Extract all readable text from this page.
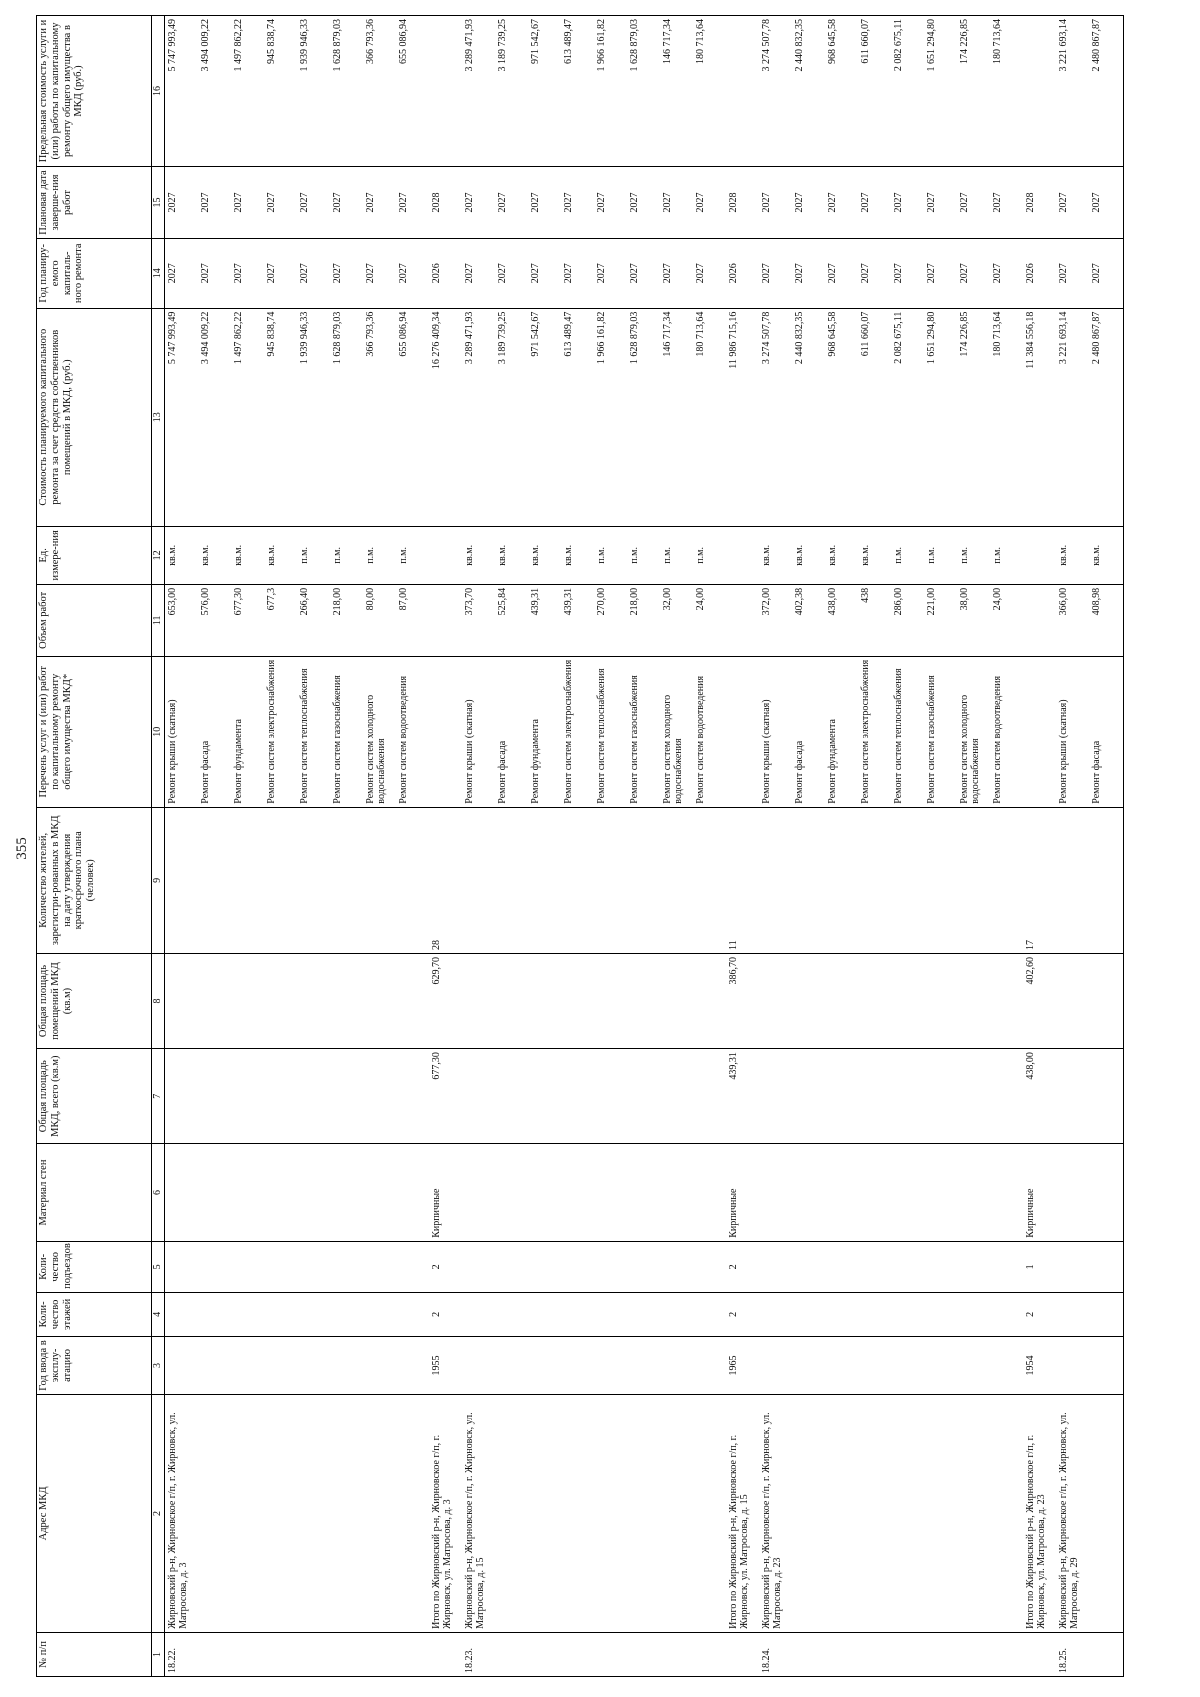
355
№ п/п	Адрес МКД	Год ввода в эксплу-атацию	Коли-чество этажей	Коли-чество подъездов	Материал стен	Общая площадь МКД, всего (кв.м)	Общая площадь помещений МКД (кв.м)	Количество жителей, зарегистри-рованных в МКД на дату утверждения краткосрочного плана (человек)	Перечень услуг и (или) работ по капитальному ремонту общего имущества МКД*	Объем работ	Ед. измере-ния	Стоимость планируемого капитального ремонта за счет средств собственников помещений в МКД, (руб.)	Год планиру-емого капиталь-ного ремонта	Плановая дата заверше-ния работ	Предельная стоимость услуги и (или) работы по капитальному ремонту общего имущества в МКД (руб.)
1	2	3	4	5	6	7	8	9	10	11	12	13	14	15	16
18.22.	Жирновский р-н, Жирновское г/п, г. Жирновск, ул. Матросова, д. 3								Ремонт крыши (скатная)	653,00	кв.м.	5 747 993,49	2027	2027	5 747 993,49
									Ремонт фасада	576,00	кв.м.	3 494 009,22	2027	2027	3 494 009,22
									Ремонт фундамента	677,30	кв.м.	1 497 862,22	2027	2027	1 497 862,22
									Ремонт систем электроснабжения	677,3	кв.м.	945 838,74	2027	2027	945 838,74
									Ремонт систем теплоснабжения	266,40	п.м.	1 939 946,33	2027	2027	1 939 946,33
									Ремонт систем газоснабжения	218,00	п.м.	1 628 879,03	2027	2027	1 628 879,03
									Ремонт систем холодного водоснабжения	80,00	п.м.	366 793,36	2027	2027	366 793,36
									Ремонт систем водоотведения	87,00	п.м.	655 086,94	2027	2027	655 086,94
	Итого по Жирновский р-н, Жирновское г/п, г. Жирновск, ул. Матросова, д. 3	1955	2	2	Кирпичные	677,30	629,70	28				16 276 409,34	2026	2028	
18.23.	Жирновский р-н, Жирновское г/п, г. Жирновск, ул. Матросова, д. 15								Ремонт крыши (скатная)	373,70	кв.м.	3 289 471,93	2027	2027	3 289 471,93
									Ремонт фасада	525,84	кв.м.	3 189 739,25	2027	2027	3 189 739,25
									Ремонт фундамента	439,31	кв.м.	971 542,67	2027	2027	971 542,67
									Ремонт систем электроснабжения	439,31	кв.м.	613 489,47	2027	2027	613 489,47
									Ремонт систем теплоснабжения	270,00	п.м.	1 966 161,82	2027	2027	1 966 161,82
									Ремонт систем газоснабжения	218,00	п.м.	1 628 879,03	2027	2027	1 628 879,03
									Ремонт систем холодного водоснабжения	32,00	п.м.	146 717,34	2027	2027	146 717,34
									Ремонт систем водоотведения	24,00	п.м.	180 713,64	2027	2027	180 713,64
	Итого по Жирновский р-н, Жирновское г/п, г. Жирновск, ул. Матросова, д. 15	1965	2	2	Кирпичные	439,31	386,70	11				11 986 715,16	2026	2028	
18.24.	Жирновский р-н, Жирновское г/п, г. Жирновск, ул. Матросова, д. 23								Ремонт крыши (скатная)	372,00	кв.м.	3 274 507,78	2027	2027	3 274 507,78
									Ремонт фасада	402,38	кв.м.	2 440 832,35	2027	2027	2 440 832,35
									Ремонт фундамента	438,00	кв.м.	968 645,58	2027	2027	968 645,58
									Ремонт систем электроснабжения	438	кв.м.	611 660,07	2027	2027	611 660,07
									Ремонт систем теплоснабжения	286,00	п.м.	2 082 675,11	2027	2027	2 082 675,11
									Ремонт систем газоснабжения	221,00	п.м.	1 651 294,80	2027	2027	1 651 294,80
									Ремонт систем холодного водоснабжения	38,00	п.м.	174 226,85	2027	2027	174 226,85
									Ремонт систем водоотведения	24,00	п.м.	180 713,64	2027	2027	180 713,64
	Итого по Жирновский р-н, Жирновское г/п, г. Жирновск, ул. Матросова, д. 23	1954	2	1	Кирпичные	438,00	402,60	17				11 384 556,18	2026	2028	
18.25.	Жирновский р-н, Жирновское г/п, г. Жирновск, ул. Матросова, д. 29								Ремонт крыши (скатная)	366,00	кв.м.	3 221 693,14	2027	2027	3 221 693,14
									Ремонт фасада	408,98	кв.м.	2 480 867,87	2027	2027	2 480 867,87
